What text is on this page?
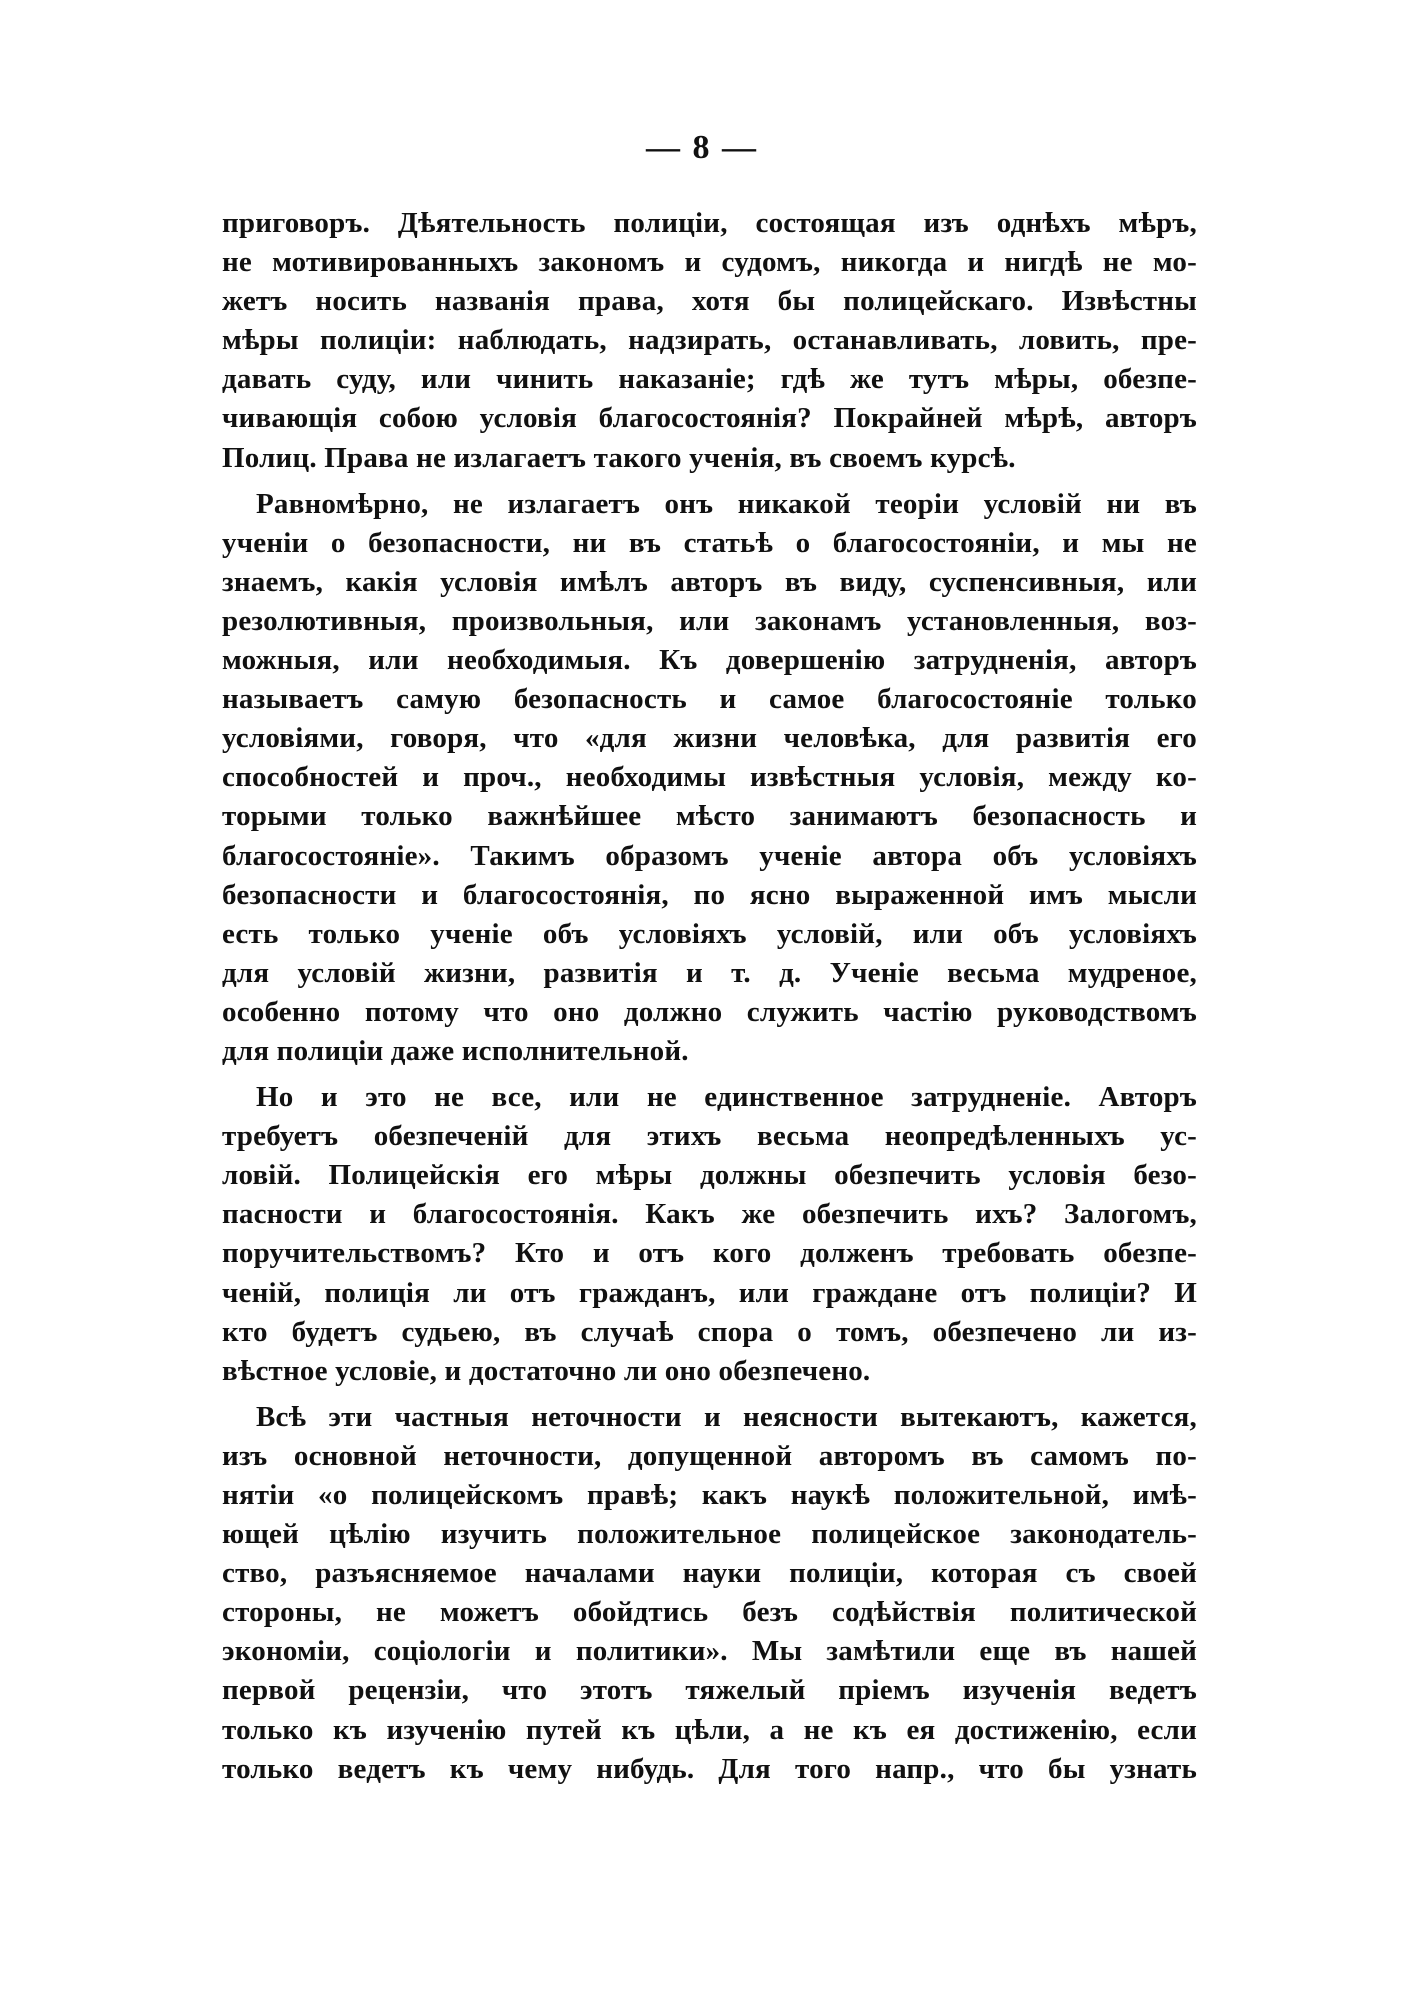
— 8 —
приговоръ. Дѣятельность полиціи, состоящая изъ однѣхъ мѣръ,
не мотивированныхъ закономъ и судомъ, никогда и нигдѣ не мо-
жетъ носить названія права, хотя бы полицейскаго. Извѣстны
мѣры полиціи: наблюдать, надзирать, останавливать, ловить, пре-
давать суду, или чинить наказаніе; гдѣ же тутъ мѣры, обезпе-
чивающія собою условія благосостоянія? Покрайней мѣрѣ, авторъ
Полиц. Права не излагаетъ такого ученія, въ своемъ курсѣ.
Равномѣрно, не излагаетъ онъ никакой теоріи условій ни въ
ученіи о безопасности, ни въ статьѣ о благосостояніи, и мы не
знаемъ, какія условія имѣлъ авторъ въ виду, суспенсивныя, или
резолютивныя, произвольныя, или законамъ установленныя, воз-
можныя, или необходимыя. Къ довершенію затрудненія, авторъ
называетъ самую безопасность и самое благосостояніе только
условіями, говоря, что «для жизни человѣка, для развитія его
способностей и проч., необходимы извѣстныя условія, между ко-
торыми только важнѣйшее мѣсто занимаютъ безопасность и
благосостояніе». Такимъ образомъ ученіе автора объ условіяхъ
безопасности и благосостоянія, по ясно выраженной имъ мысли
есть только ученіе объ условіяхъ условій, или объ условіяхъ
для условій жизни, развитія и т. д. Ученіе весьма мудреное,
особенно потому что оно должно служить частію руководствомъ
для полиціи даже исполнительной.
Но и это не все, или не единственное затрудненіе. Авторъ
требуетъ обезпеченій для этихъ весьма неопредѣленныхъ ус-
ловій. Полицейскія его мѣры должны обезпечить условія безо-
пасности и благосостоянія. Какъ же обезпечить ихъ? Залогомъ,
поручительствомъ? Кто и отъ кого долженъ требовать обезпе-
ченій, полиція ли отъ гражданъ, или граждане отъ полиціи? И
кто будетъ судьею, въ случаѣ спора о томъ, обезпечено ли из-
вѣстное условіе, и достаточно ли оно обезпечено.
Всѣ эти частныя неточности и неясности вытекаютъ, кажется,
изъ основной неточности, допущенной авторомъ въ самомъ по-
нятіи «о полицейскомъ правѣ; какъ наукѣ положительной, имѣ-
ющей цѣлію изучить положительное полицейское законодатель-
ство, разъясняемое началами науки полиціи, которая съ своей
стороны, не можетъ обойдтись безъ содѣйствія политической
экономіи, соціологіи и политики». Мы замѣтили еще въ нашей
первой рецензіи, что этотъ тяжелый пріемъ изученія ведетъ
только къ изученію путей къ цѣли, а не къ ея достиженію, если
только ведетъ къ чему нибудь. Для того напр., что бы узнать
